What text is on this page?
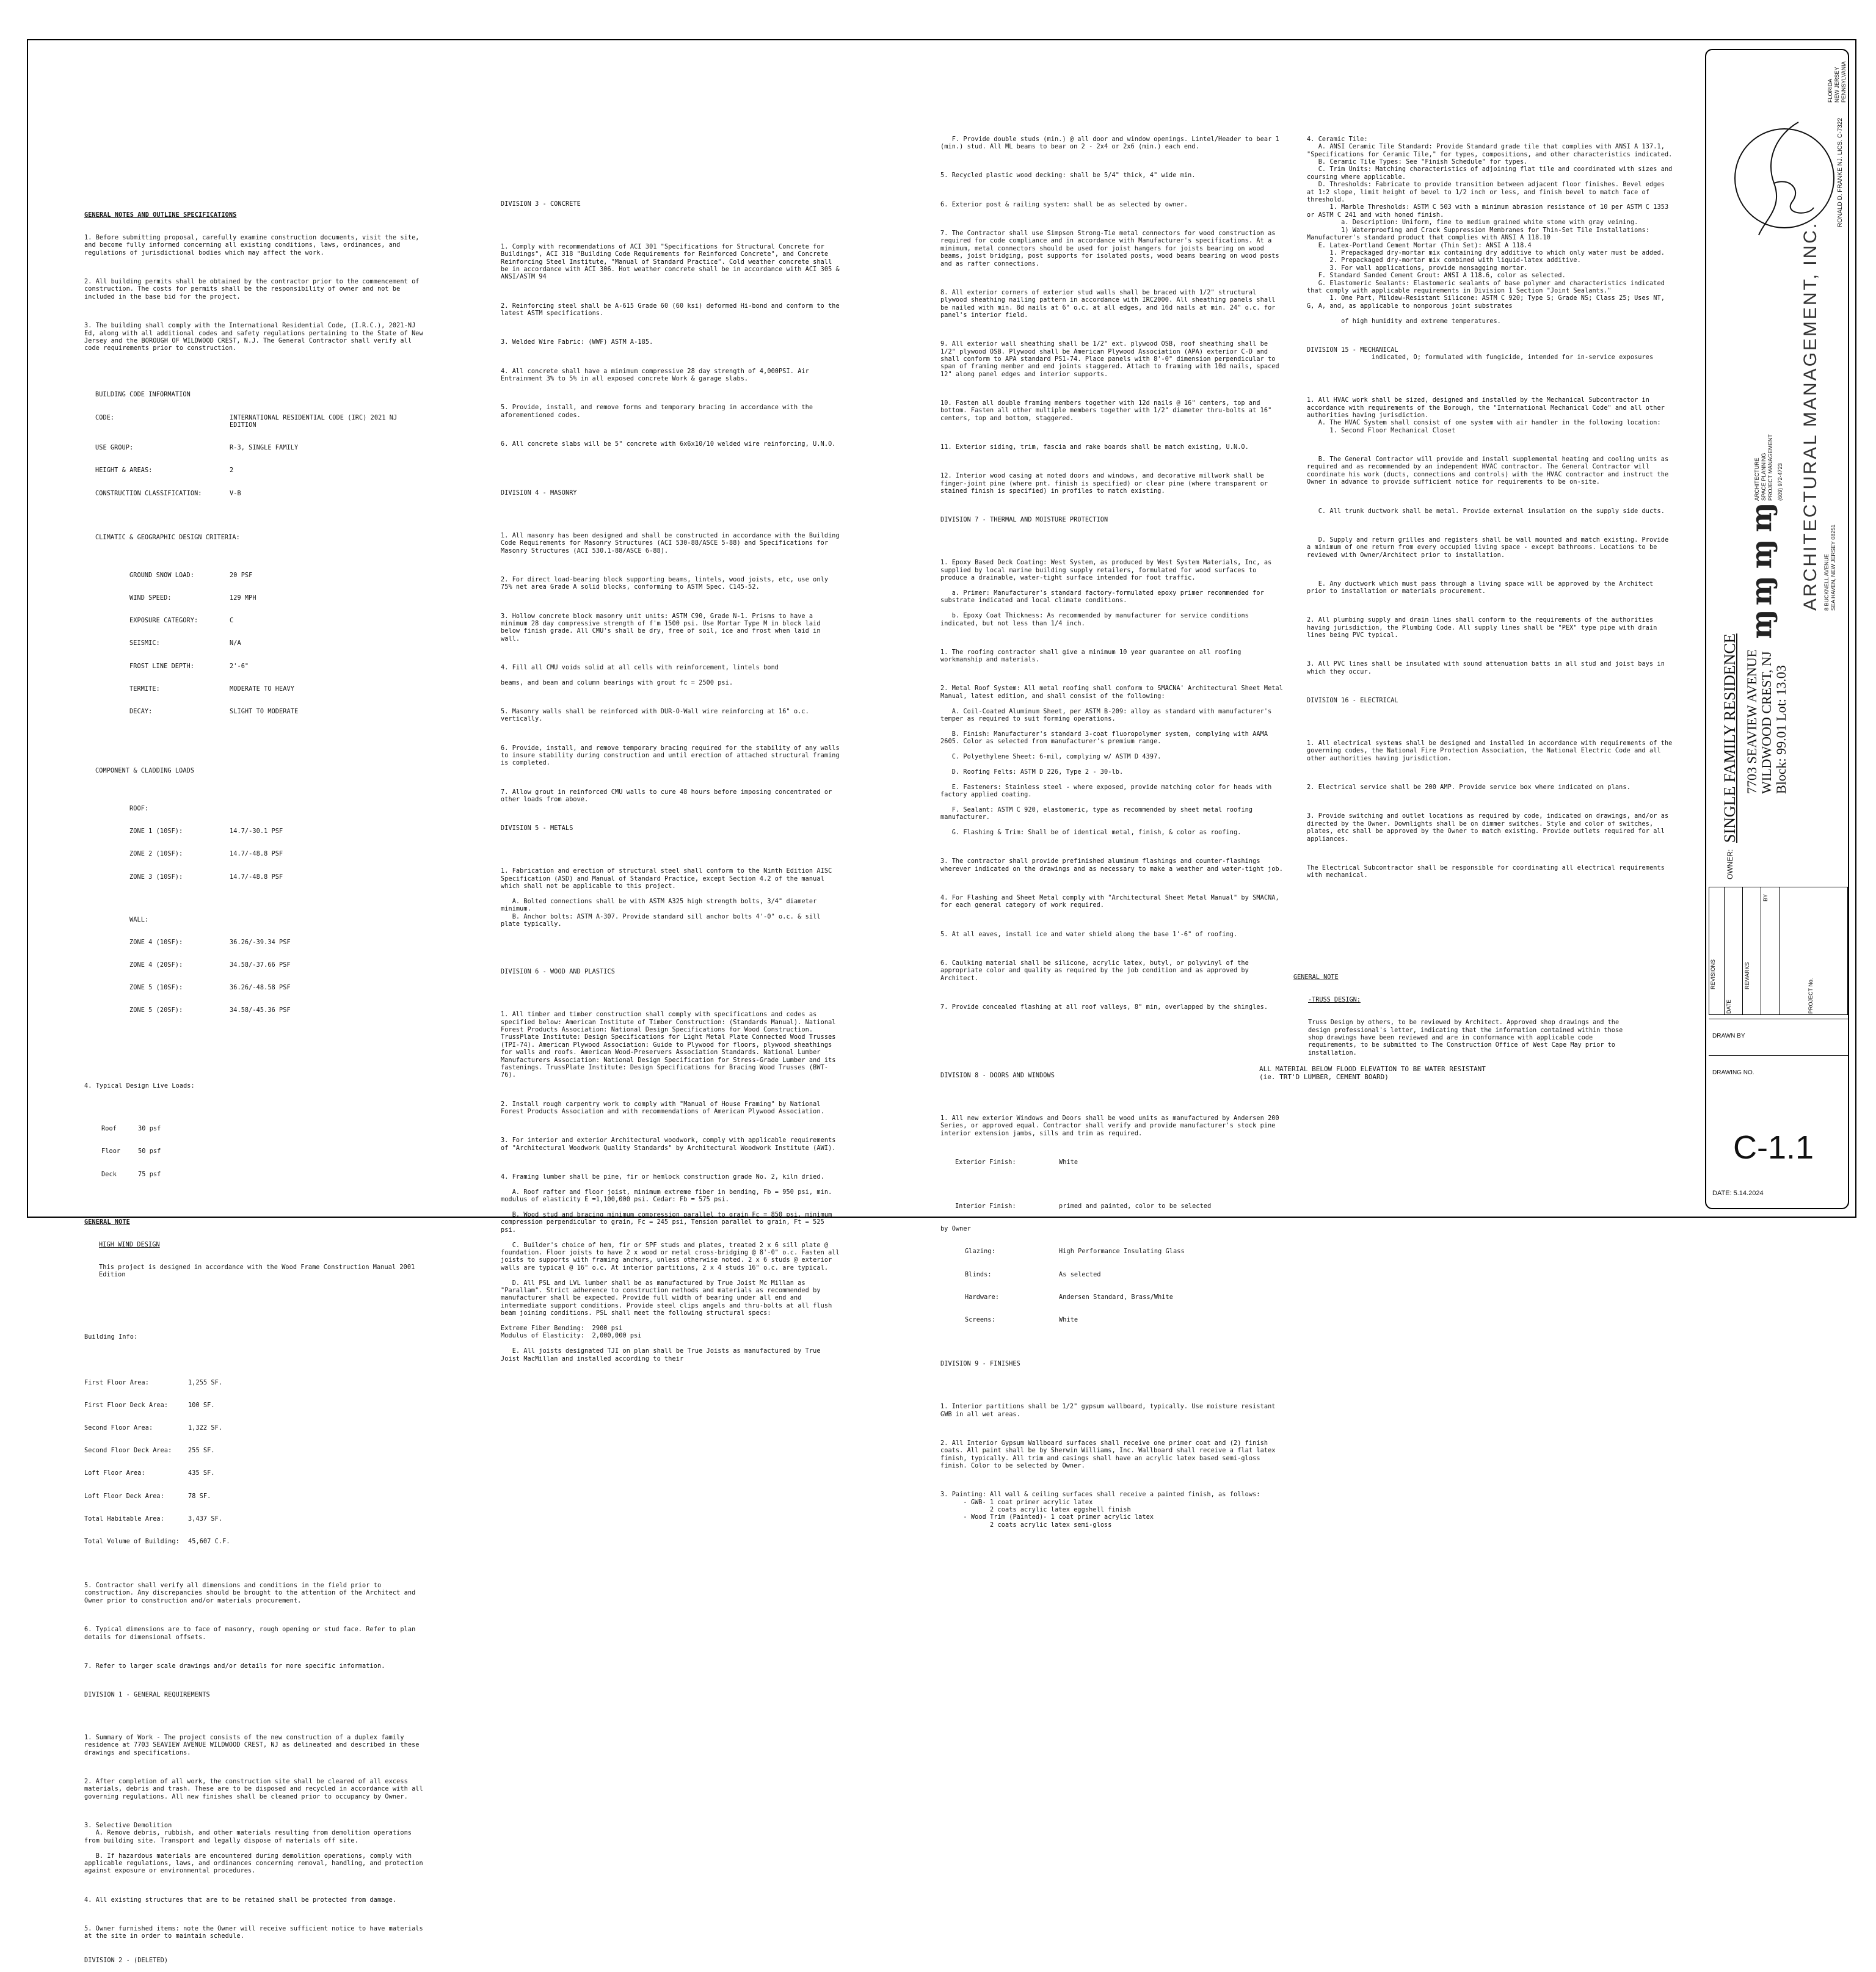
GENERAL NOTES AND OUTLINE SPECIFICATIONS

1. Before submitting proposal, carefully examine construction documents, visit the site, and become fully informed concerning all existing conditions, laws, ordinances, and regulations of jurisdictional bodies which may affect the work.

2. All building permits shall be obtained by the contractor prior to the commencement of construction. The costs for permits shall be the responsibility of owner and not be included in the base bid for the project.

3. The building shall comply with the International Residential Code, (I.R.C.), 2021-NJ Ed, along with all additional codes and safety regulations pertaining to the State of New Jersey and the BOROUGH OF WILDWOOD CREST, N.J. The General Contractor shall verify all code requirements prior to construction.

BUILDING CODE INFORMATION

CODE:	INTERNATIONAL RESIDENTIAL CODE (IRC) 2021 NJ EDITION

USE GROUP:	R-3, SINGLE FAMILY

HEIGHT & AREAS:	2

CONSTRUCTION CLASSIFICATION:	V-B

CLIMATIC & GEOGRAPHIC DESIGN CRITERIA:

GROUND SNOW LOAD:	20 PSF

WIND SPEED:	129 MPH

EXPOSURE CATEGORY:	C

SEISMIC:	N/A

FROST LINE DEPTH:	2'-6"

TERMITE:	MODERATE TO HEAVY

DECAY:	SLIGHT TO MODERATE

COMPONENT & CLADDING LOADS

ROOF:

ZONE 1 (10SF):	14.7/-30.1 PSF

ZONE 2 (10SF):	14.7/-48.8 PSF

ZONE 3 (10SF):	14.7/-48.8 PSF

WALL:

ZONE 4 (10SF):	36.26/-39.34 PSF

ZONE 4 (20SF):	34.58/-37.66 PSF

ZONE 5 (10SF):	36.26/-48.58 PSF

ZONE 5 (20SF):	34.58/-45.36 PSF

4. Typical Design Live Loads:

Roof	30 psf

Floor	50 psf

Deck	75 psf

GENERAL NOTE

HIGH WIND DESIGN

This project is designed in accordance with the Wood Frame Construction Manual 2001 Edition

Building Info:

First Floor Area:	1,255 SF.

First Floor Deck Area:	100 SF.

Second Floor Area:	1,322 SF.

Second Floor Deck Area:	255 SF.

Loft Floor Area:	435 SF.

Loft Floor Deck Area:	78 SF.

Total Habitable Area:	3,437 SF.

Total Volume of Building:	45,607 C.F.

5. Contractor shall verify all dimensions and conditions in the field prior to construction. Any discrepancies should be brought to the attention of the Architect and Owner prior to construction and/or materials procurement.

6. Typical dimensions are to face of masonry, rough opening or stud face. Refer to plan details for dimensional offsets.

7. Refer to larger scale drawings and/or details for more specific information.

DIVISION 1 - GENERAL REQUIREMENTS

1. Summary of Work - The project consists of the new construction of a duplex family residence at 7703 SEAVIEW AVENUE WILDWOOD CREST, NJ as delineated and described in these drawings and specifications.

2. After completion of all work, the construction site shall be cleared of all excess materials, debris and trash. These are to be disposed and recycled in accordance with all governing regulations. All new finishes shall be cleaned prior to occupancy by Owner.

3. Selective Demolition
A. Remove debris, rubbish, and other materials resulting from demolition operations from building site. Transport and legally dispose of materials off site.

B. If hazardous materials are encountered during demolition operations, comply with applicable regulations, laws, and ordinances concerning removal, handling, and protection against exposure or environmental procedures.

4. All existing structures that are to be retained shall be protected from damage.

5. Owner furnished items: note the Owner will receive sufficient notice to have materials at the site in order to maintain schedule.

DIVISION 2 - (DELETED)

DIVISION 3 - CONCRETE

1. Comply with recommendations of ACI 301 "Specifications for Structural Concrete for Buildings", ACI 318 "Building Code Requirements for Reinforced Concrete", and Concrete Reinforcing Steel Institute, "Manual of Standard Practice". Cold weather concrete shall be in accordance with ACI 306. Hot weather concrete shall be in accordance with ACI 305 & ANSI/ASTM 94

2. Reinforcing steel shall be A-615 Grade 60 (60 ksi) deformed Hi-bond and conform to the latest ASTM specifications.

3. Welded Wire Fabric: (WWF) ASTM A-185.

4. All concrete shall have a minimum compressive 28 day strength of 4,000PSI. Air Entrainment 3% to 5% in all exposed concrete Work & garage slabs.

5. Provide, install, and remove forms and temporary bracing in accordance with the aforementioned codes.

6. All concrete slabs will be 5" concrete with 6x6x10/10 welded wire reinforcing, U.N.O.

DIVISION 4 - MASONRY

1. All masonry has been designed and shall be constructed in accordance with the Building Code Requirements for Masonry Structures (ACI 530-88/ASCE 5-88) and Specifications for Masonry Structures (ACI 530.1-88/ASCE 6-88).

2. For direct load-bearing block supporting beams, lintels, wood joists, etc, use only 75% net area Grade A solid blocks, conforming to ASTM Spec. C145-52.

3. Hollow concrete block masonry unit units: ASTM C90, Grade N-1. Prisms to have a minimum 28 day compressive strength of f'm 1500 psi. Use Mortar Type M in block laid below finish grade. All CMU's shall be dry, free of soil, ice and frost when laid in wall.

4. Fill all CMU voids solid at all cells with reinforcement, lintels bond

beams, and beam and column bearings with grout fc = 2500 psi.

5. Masonry walls shall be reinforced with DUR-O-Wall wire reinforcing at 16" o.c. vertically.

6. Provide, install, and remove temporary bracing required for the stability of any walls to insure stability during construction and until erection of attached structural framing is completed.

7. Allow grout in reinforced CMU walls to cure 48 hours before imposing concentrated or other loads from above.

DIVISION 5 - METALS

1. Fabrication and erection of structural steel shall conform to the Ninth Edition AISC Specification (ASD) and Manual of Standard Practice, except Section 4.2 of the manual which shall not be applicable to this project.

A. Bolted connections shall be with ASTM A325 high strength bolts, 3/4" diameter minimum.
B. Anchor bolts: ASTM A-307. Provide standard sill anchor bolts 4'-0" o.c. & sill plate typically.

DIVISION 6 - WOOD AND PLASTICS

1. All timber and timber construction shall comply with specifications and codes as specified below: American Institute of Timber Construction: (Standards Manual). National Forest Products Association: National Design Specifications for Wood Construction. TrussPlate Institute: Design Specifications for Light Metal Plate Connected Wood Trusses (TPI-74). American Plywood Association: Guide to Plywood for floors, plywood sheathings for walls and roofs. American Wood-Preservers Association Standards. National Lumber Manufacturers Association: National Design Specification for Stress-Grade Lumber and its fastenings. TrussPlate Institute: Design Specifications for Bracing Wood Trusses (BWT-76).

2. Install rough carpentry work to comply with "Manual of House Framing" by National Forest Products Association and with recommendations of American Plywood Association.

3. For interior and exterior Architectural woodwork, comply with applicable requirements of "Architectural Woodwork Quality Standards" by Architectural Woodwork Institute (AWI).

4. Framing lumber shall be pine, fir or hemlock construction grade No. 2, kiln dried.

A. Roof rafter and floor joist, minimum extreme fiber in bending, Fb = 950 psi, min. modulus of elasticity E =1,100,000 psi. Cedar: Fb = 575 psi.

B. Wood stud and bracing minimum compression parallel to grain Fc = 850 psi, minimum compression perpendicular to grain, Fc = 245 psi, Tension parallel to grain, Ft = 525 psi.

C. Builder's choice of hem, fir or SPF studs and plates, treated 2 x 6 sill plate @ foundation. Floor joists to have 2 x wood or metal cross-bridging @ 8'-0" o.c. Fasten all joists to supports with framing anchors, unless otherwise noted. 2 x 6 studs @ exterior walls are typical @ 16" o.c. At interior partitions, 2 x 4 studs 16" o.c. are typical.

D. All PSL and LVL lumber shall be as manufactured by True Joist Mc Millan as "Parallam". Strict adherence to construction methods and materials as recommended by manufacturer shall be expected. Provide full width of bearing under all end and intermediate support conditions. Provide steel clips angels and thru-bolts at all flush beam joining conditions. PSL shall meet the following structural specs:

Extreme Fiber Bending:  2900 psi
Modulus of Elasticity:  2,000,000 psi

E. All joists designated TJI on plan shall be True Joists as manufactured by True Joist MacMillan and installed according to their

F. Provide double studs (min.) @ all door and window openings. Lintel/Header to bear 1 (min.) stud. All ML beams to bear on 2 - 2x4 or 2x6 (min.) each end.

5. Recycled plastic wood decking: shall be 5/4" thick, 4" wide min.

6. Exterior post & railing system: shall be as selected by owner.

7. The Contractor shall use Simpson Strong-Tie metal connectors for wood construction as required for code compliance and in accordance with Manufacturer's specifications. At a minimum, metal connectors should be used for joist hangers for joists bearing on wood beams, joist bridging, post supports for isolated posts, wood beams bearing on wood posts and as rafter connections.

8. All exterior corners of exterior stud walls shall be braced with 1/2" structural plywood sheathing nailing pattern in accordance with IRC2000. All sheathing panels shall be nailed with min. 8d nails at 6" o.c. at all edges, and 16d nails at min. 24" o.c. for panel's interior field.

9. All exterior wall sheathing shall be 1/2" ext. plywood OSB, roof sheathing shall be 1/2" plywood OSB. Plywood shall be American Plywood Association (APA) exterior C-D and shall conform to APA standard PS1-74. Place panels with 8'-0" dimension perpendicular to span of framing member and end joints staggered. Attach to framing with 10d nails, spaced 12" along panel edges and interior supports.

10. Fasten all double framing members together with 12d nails @ 16" centers, top and bottom. Fasten all other multiple members together with 1/2" diameter thru-bolts at 16" centers, top and bottom, staggered.

11. Exterior siding, trim, fascia and rake boards shall be match existing, U.N.O.

12. Interior wood casing at noted doors and windows, and decorative millwork shall be finger-joint pine (where pnt. finish is specified) or clear pine (where transparent or stained finish is specified) in profiles to match existing.

DIVISION 7 - THERMAL AND MOISTURE PROTECTION

1. Epoxy Based Deck Coating: West System, as produced by West System Materials, Inc, as supplied by local marine building supply retailers, formulated for wood surfaces to produce a drainable, water-tight surface intended for foot traffic.

a. Primer: Manufacturer's standard factory-formulated epoxy primer recommended for substrate indicated and local climate conditions.

b. Epoxy Coat Thickness: As recommended by manufacturer for service conditions indicated, but not less than 1/4 inch.

1. The roofing contractor shall give a minimum 10 year guarantee on all roofing workmanship and materials.

2. Metal Roof System: All metal roofing shall conform to SMACNA' Architectural Sheet Metal Manual, latest edition, and shall consist of the following:

A. Coil-Coated Aluminum Sheet, per ASTM B-209: alloy as standard with manufacturer's temper as required to suit forming operations.

B. Finish: Manufacturer's standard 3-coat fluoropolymer system, complying with AAMA 2605. Color as selected from manufacturer's premium range.

C. Polyethylene Sheet: 6-mil, complying w/ ASTM D 4397.

D. Roofing Felts: ASTM D 226, Type 2 - 30-lb.

E. Fasteners: Stainless steel - where exposed, provide matching color for heads with factory applied coating.

F. Sealant: ASTM C 920, elastomeric, type as recommended by sheet metal roofing manufacturer.

G. Flashing & Trim: Shall be of identical metal, finish, & color as roofing.

3. The contractor shall provide prefinished aluminum flashings and counter-flashings wherever indicated on the drawings and as necessary to make a weather and water-tight job.

4. For Flashing and Sheet Metal comply with "Architectural Sheet Metal Manual" by SMACNA, for each general category of work required.

5. At all eaves, install ice and water shield along the base 1'-6" of roofing.

6. Caulking material shall be silicone, acrylic latex, butyl, or polyvinyl of the appropriate color and quality as required by the job condition and as approved by Architect.

7. Provide concealed flashing at all roof valleys, 8" min, overlapped by the shingles.

DIVISION 8 - DOORS AND WINDOWS

1. All new exterior Windows and Doors shall be wood units as manufactured by Andersen 200 Series, or approved equal. Contractor shall verify and provide manufacturer's stock pine interior extension jambs, sills and trim as required.

Exterior Finish:	White

Interior Finish:	primed and painted, color to be selected

by Owner

Glazing:	High Performance Insulating Glass

Blinds:	As selected

Hardware:	Andersen Standard, Brass/White

Screens:	White

DIVISION 9 - FINISHES

1. Interior partitions shall be 1/2" gypsum wallboard, typically. Use moisture resistant GWB in all wet areas.

2. All Interior Gypsum Wallboard surfaces shall receive one primer coat and (2) finish coats. All paint shall be by Sherwin Williams, Inc. Wallboard shall receive a flat latex finish, typically. All trim and casings shall have an acrylic latex based semi-gloss finish. Color to be selected by Owner.

3. Painting: All wall & ceiling surfaces shall receive a painted finish, as follows:
- GWB- 1 coat primer acrylic latex
2 coats acrylic latex eggshell finish
- Wood Trim (Painted)- 1 coat primer acrylic latex
2 coats acrylic latex semi-gloss

4. Ceramic Tile:
A. ANSI Ceramic Tile Standard: Provide Standard grade tile that complies with ANSI A 137.1, "Specifications for Ceramic Tile," for types, compositions, and other characteristics indicated.
B. Ceramic Tile Types: See "Finish Schedule" for types.
C. Trim Units: Matching characteristics of adjoining flat tile and coordinated with sizes and coursing where applicable.
D. Thresholds: Fabricate to provide transition between adjacent floor finishes. Bevel edges at 1:2 slope, limit height of bevel to 1/2 inch or less, and finish bevel to match face of threshold.
1. Marble Thresholds: ASTM C 503 with a minimum abrasion resistance of 10 per ASTM C 1353 or ASTM C 241 and with honed finish.
a. Description: Uniform, fine to medium grained white stone with gray veining.
1) Waterproofing and Crack Suppression Membranes for Thin-Set Tile Installations: Manufacturer's standard product that complies with ANSI A 118.10
E. Latex-Portland Cement Mortar (Thin Set): ANSI A 118.4
1. Prepackaged dry-mortar mix containing dry additive to which only water must be added.
2. Prepackaged dry-mortar mix combined with liquid-latex additive.
3. For wall applications, provide nonsagging mortar.
F. Standard Sanded Cement Grout: ANSI A 118.6, color as selected.
G. Elastomeric Sealants: Elastomeric sealants of base polymer and characteristics indicated that comply with applicable requirements in Division 1 Section "Joint Sealants."
1. One Part, Mildew-Resistant Silicone: ASTM C 920; Type S; Grade NS; Class 25; Uses NT, G, A, and, as applicable to nonporous joint substrates

of high humidity and extreme temperatures.

DIVISION 15 - MECHANICAL
indicated, O; formulated with fungicide, intended for in-service exposures

1. All HVAC work shall be sized, designed and installed by the Mechanical Subcontractor in accordance with requirements of the Borough, the "International Mechanical Code" and all other authorities having jurisdiction.
A. The HVAC System shall consist of one system with air handler in the following location:
1. Second Floor Mechanical Closet

B. The General Contractor will provide and install supplemental heating and cooling units as required and as recommended by an independent HVAC contractor. The General Contractor will coordinate his work (ducts, connections and controls) with the HVAC contractor and instruct the Owner in advance to provide sufficient notice for requirements to be on-site.

C. All trunk ductwork shall be metal. Provide external insulation on the supply side ducts.

D. Supply and return grilles and registers shall be wall mounted and match existing. Provide a minimum of one return from every occupied living space - except bathrooms. Locations to be reviewed with Owner/Architect prior to installation.

E. Any ductwork which must pass through a living space will be approved by the Architect prior to installation or materials procurement.

2. All plumbing supply and drain lines shall conform to the requirements of the authorities having jurisdiction, the Plumbing Code. All supply lines shall be "PEX" type pipe with drain lines being PVC typical.

3. All PVC lines shall be insulated with sound attenuation batts in all stud and joist bays in which they occur.

DIVISION 16 - ELECTRICAL

1. All electrical systems shall be designed and installed in accordance with requirements of the governing codes, the National Fire Protection Association, the National Electric Code and all other authorities having jurisdiction.

2. Electrical service shall be 200 AMP. Provide service box where indicated on plans.

3. Provide switching and outlet locations as required by code, indicated on drawings, and/or as directed by the Owner. Downlights shall be on dimmer switches. Style and color of switches, plates, etc shall be approved by the Owner to match existing. Provide outlets required for all appliances.

The Electrical Subcontractor shall be responsible for coordinating all electrical requirements with mechanical.

GENERAL NOTE

-TRUSS DESIGN:

Truss Design by others, to be reviewed by Architect. Approved shop drawings and the design professional's letter, indicating that the information contained within those shop drawings have been reviewed and are in conformance with applicable code requirements, to be submitted to The Construction Office of West Cape May prior to installation.

ALL MATERIAL BELOW FLOOD ELEVATION TO BE WATER RESISTANT (ie. TRT'D LUMBER, CEMENT BOARD)
FLORIDA
NEW JERSEY
PENNSYLVANIA
RONALD D. FRANKE NJ. LICS. C-7322
ARCHITECTURAL MANAGEMENT, INC. 8 BUCKNELL AVENUE
SEA HAVEN, NEW JERSEY 08251
ARCHITECTURE
SPACE PLANNING
PROJECT MANAGEMENT
(609) 972-4723
ɱ
ɱ
ɱ
ɱ
SINGLE FAMILY RESIDENCE 7703 SEAVIEW AVENUE WILDWOOD CREST, NJ Block: 99.01 Lot: 13.03
OWNER:
REVISIONS
DATE
REMARKS
BY
PROJECT No.
DRAWN BY
DRAWING NO.
C-1.1
DATE: 5.14.2024
